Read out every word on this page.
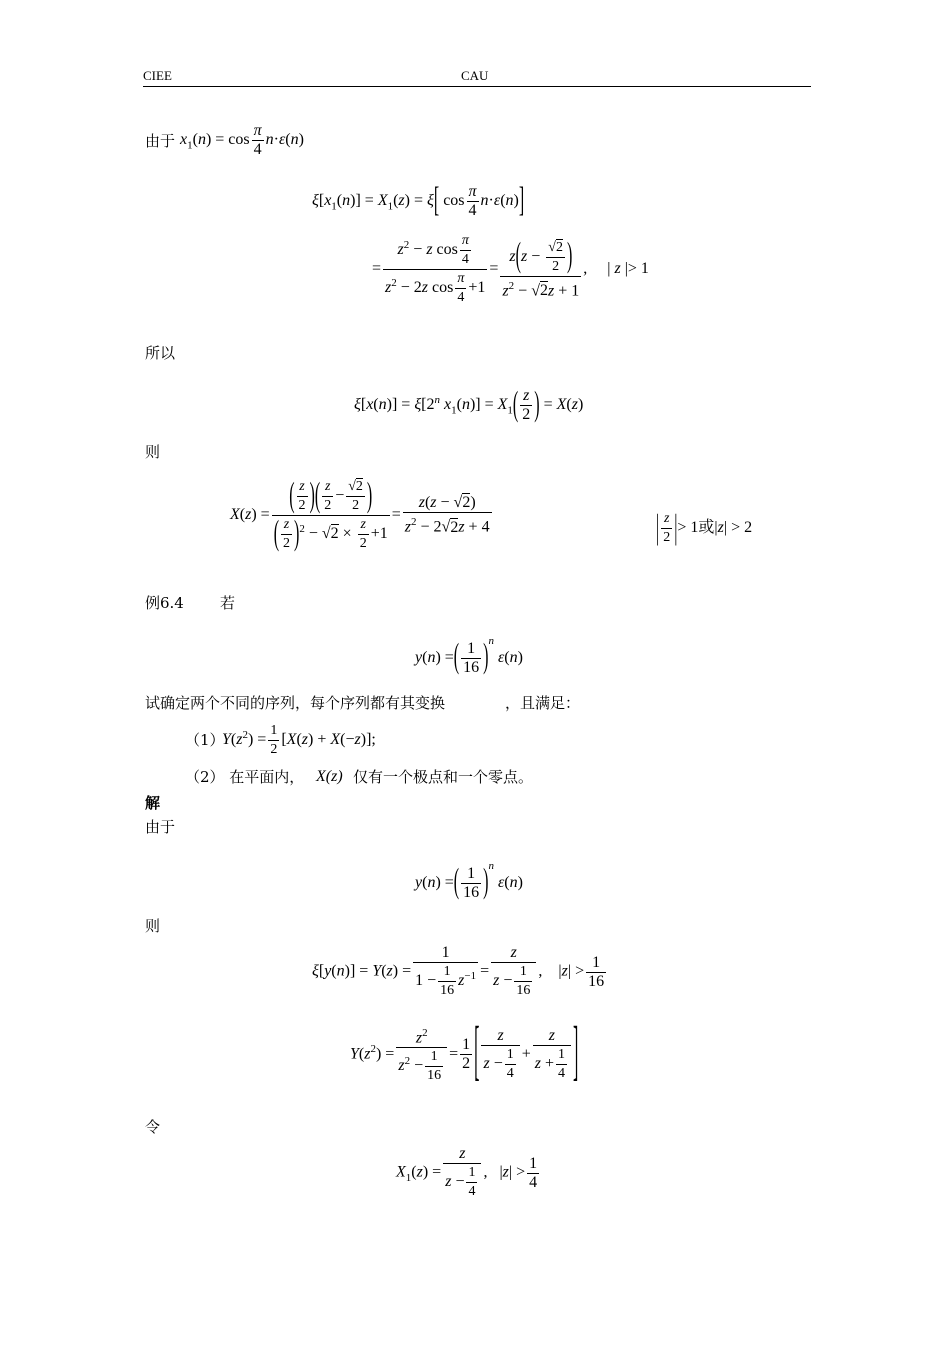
CIEE	CAU
由于 $x_1(n) = \cos \frac{\pi}{4} n\cdot\varepsilon(n)$
$\xi[x_1(n)] = X_1(z) = \xi$[ $\cos \frac{\pi}{4} n\cdot\varepsilon(n)$]
= $\frac{z^2 - z \cos \frac{\pi}{4}}{z^2 - 2z \cos \frac{\pi}{4} +1} = \frac{z(z - \frac{√2}{2} )}{z^2 - √2z + 1}$ ,     | z |> 1
所以
$\xi[x(n)] = \xi[2^n$ $x_1(n)] = X_1( \frac{z}{2}$ ) = X(z)
则
$X(z) = \frac{( \frac{z}{2} )( \frac{z}{2} - \frac{√2}{2} )}{( \frac{z}{2} )^2 - √2 \times \frac{z}{2} +1} = \frac{z(z - √2)}{z^2 - 2√2z + 4}$	| $\frac{z}{2}$ |> 1或|z| > 2
例6.4 若
y(n) =( $\frac{1}{16} )^n$ ε(n)
试确定两个不同的序列，每个序列都有其变换	，且满足：
（1）
$Y(z^2) = \frac{1}{2} [X(z) + X(-z)]$;
（2） 在平面内， X(z) 仅有一个极点和一个零点。
解
由于
y(n) =( $\frac{1}{16} )^n$ ε(n)
则
$\xi[y(n)] = Y(z) = \frac{1}{1 - \frac{1}{16} z^{-1}} = \frac{z}{z - \frac{1}{16}}$ ,    $|z| > \frac{1}{16}$
$Y(z^2) = \frac{z^2}{z^2 - \frac{1}{16}} = \frac{1}{2}$ [ $\frac{z}{z - \frac{1}{4}} + \frac{z}{z + \frac{1}{4}}$ ]
令
$X_1(z) = \frac{z}{z - \frac{1}{4}}$ ,   $|z| > \frac{1}{4}$
